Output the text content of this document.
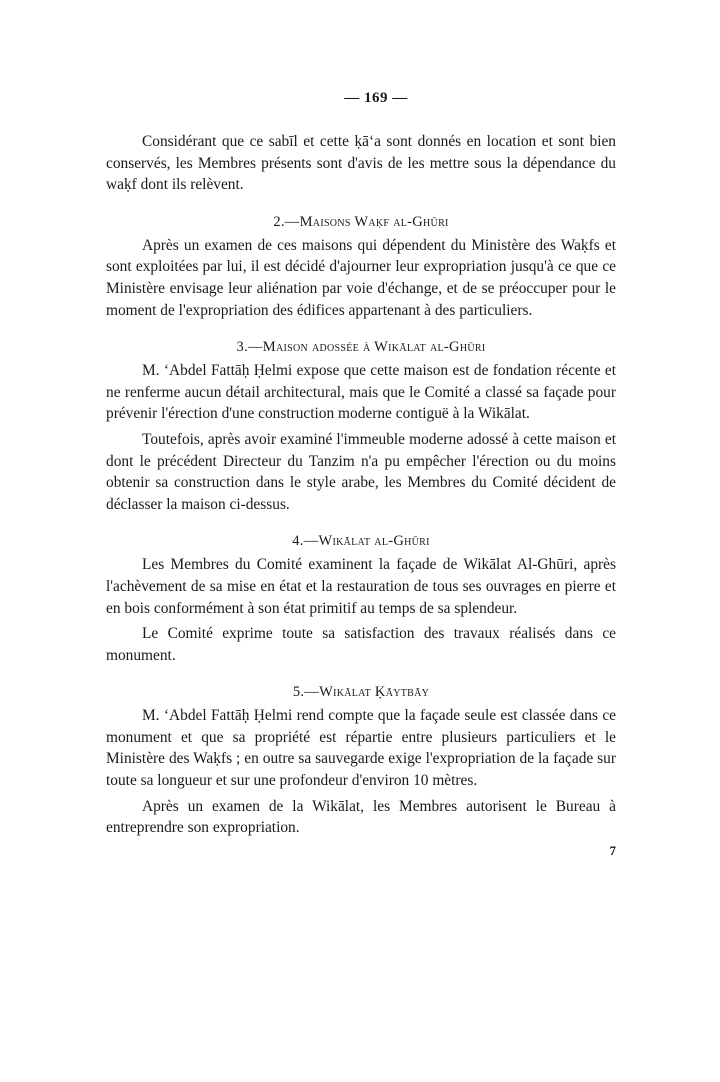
— 169 —

Considérant que ce sabīl et cette ḳā‘a sont donnés en location et sont bien conservés, les Membres présents sont d'avis de les mettre sous la dépendance du waḳf dont ils relèvent.

2.—Maisons Waḳf al-Ghūri

Après un examen de ces maisons qui dépendent du Ministère des Waḳfs et sont exploitées par lui, il est décidé d'ajourner leur expropriation jusqu'à ce que ce Ministère envisage leur aliénation par voie d'échange, et de se préoccuper pour le moment de l'expropriation des édifices appartenant à des particuliers.

3.—Maison adossée à Wikālat al-Ghūri

M. ‘Abdel Fattāḥ Ḥelmi expose que cette maison est de fondation récente et ne renferme aucun détail architectural, mais que le Comité a classé sa façade pour prévenir l'érection d'une construction moderne contiguë à la Wikālat.

Toutefois, après avoir examiné l'immeuble moderne adossé à cette maison et dont le précédent Directeur du Tanzim n'a pu empêcher l'érection ou du moins obtenir sa construction dans le style arabe, les Membres du Comité décident de déclasser la maison ci-dessus.

4.—Wikālat al-Ghūri

Les Membres du Comité examinent la façade de Wikālat Al-Ghūri, après l'achèvement de sa mise en état et la restauration de tous ses ouvrages en pierre et en bois conformément à son état primitif au temps de sa splendeur.

Le Comité exprime toute sa satisfaction des travaux réalisés dans ce monument.

5.—Wikālat Ḳāytbāy

M. ‘Abdel Fattāḥ Ḥelmi rend compte que la façade seule est classée dans ce monument et que sa propriété est répartie entre plusieurs particuliers et le Ministère des Waḳfs ; en outre sa sauvegarde exige l'expropriation de la façade sur toute sa longueur et sur une profondeur d'environ 10 mètres.

Après un examen de la Wikālat, les Membres autorisent le Bureau à entreprendre son expropriation.

7
